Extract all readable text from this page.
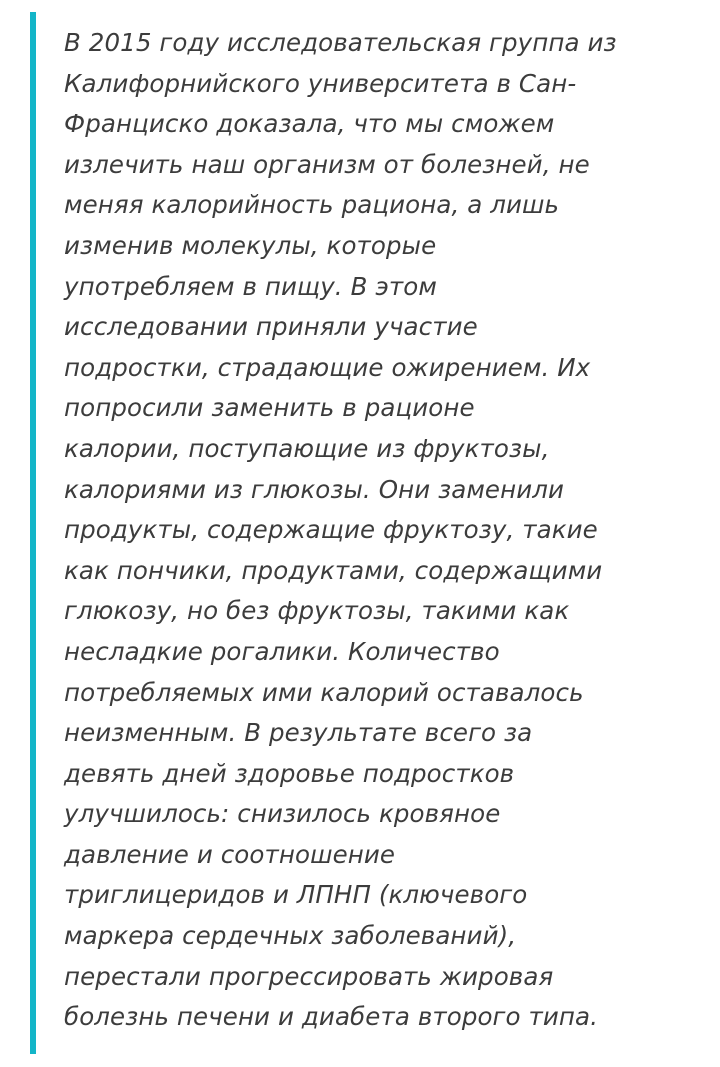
В 2015 году исследовательская группа из
Калифорнийского университета в Сан-
Франциско доказала, что мы сможем
излечить наш организм от болезней, не
меняя калорийность рациона, а лишь
изменив молекулы, которые
употребляем в пищу. В этом
исследовании приняли участие
подростки, страдающие ожирением. Их
попросили заменить в рационе
калории, поступающие из фруктозы,
калориями из глюкозы. Они заменили
продукты, содержащие фруктозу, такие
как пончики, продуктами, содержащими
глюкозу, но без фруктозы, такими как
несладкие рогалики. Количество
потребляемых ими калорий оставалось
неизменным. В результате всего за
девять дней здоровье подростков
улучшилось: снизилось кровяное
давление и соотношение
триглицеридов и ЛПНП (ключевого
маркера сердечных заболеваний),
перестали прогрессировать жировая
болезнь печени и диабета второго типа.
